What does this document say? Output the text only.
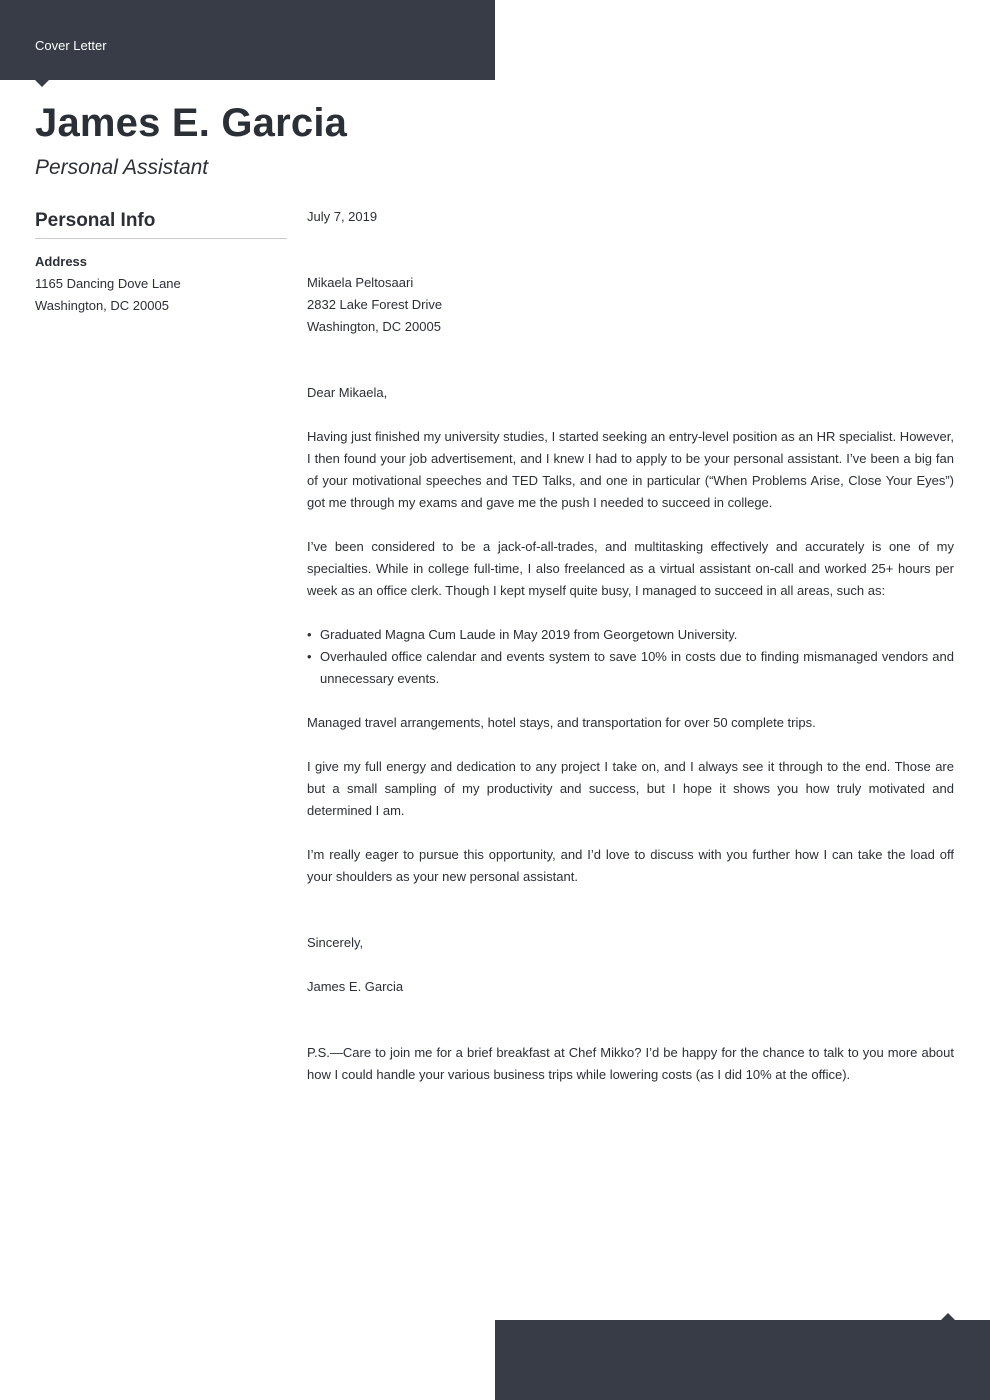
Cover Letter
James E. Garcia
Personal Assistant
Personal Info
Address
1165 Dancing Dove Lane
Washington, DC 20005

July 7, 2019

Mikaela Peltosaari

2832 Lake Forest Drive

Washington, DC 20005

Dear Mikaela,

Having just finished my university studies, I started seeking an entry-level position as an HR specialist. However, I then found your job advertisement, and I knew I had to apply to be your personal assistant. I’ve been a big fan of your motivational speeches and TED Talks, and one in particular (“When Problems Arise, Close Your Eyes”) got me through my exams and gave me the push I needed to succeed in college.

I’ve been considered to be a jack-of-all-trades, and multitasking effectively and accurately is one of my specialties. While in college full-time, I also freelanced as a virtual assistant on-call and worked 25+ hours per week as an office clerk. Though I kept myself quite busy, I managed to succeed in all areas, such as:

• Graduated Magna Cum Laude in May 2019 from Georgetown University.
• Overhauled office calendar and events system to save 10% in costs due to finding mismanaged vendors and unnecessary events.

Managed travel arrangements, hotel stays, and transportation for over 50 complete trips.

I give my full energy and dedication to any project I take on, and I always see it through to the end. Those are but a small sampling of my productivity and success, but I hope it shows you how truly motivated and determined I am.

I’m really eager to pursue this opportunity, and I’d love to discuss with you further how I can take the load off your shoulders as your new personal assistant.

Sincerely,

James E. Garcia

P.S.—Care to join me for a brief breakfast at Chef Mikko? I’d be happy for the chance to talk to you more about how I could handle your various business trips while lowering costs (as I did 10% at the office).
